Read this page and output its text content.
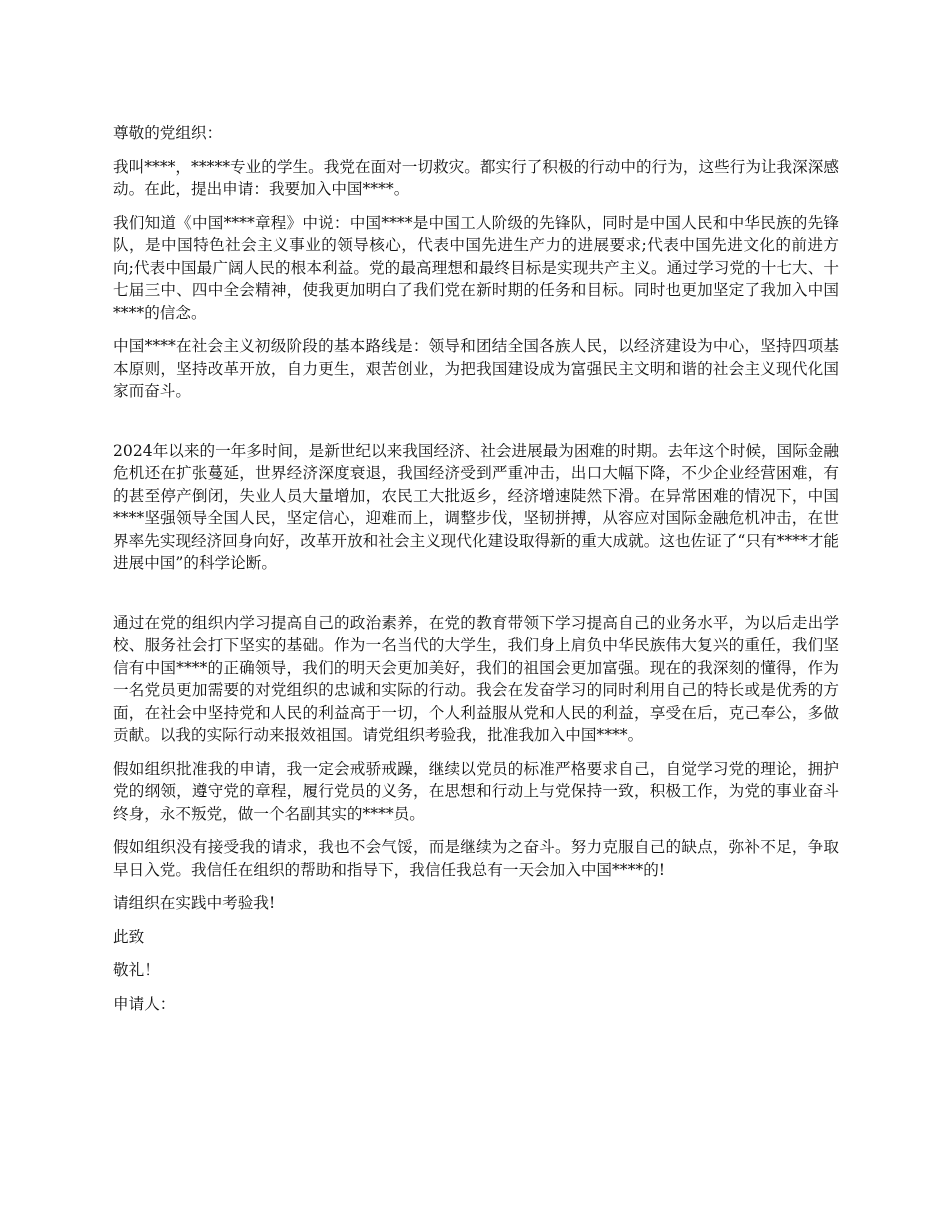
尊敬的党组织：

我叫****，*****专业的学生。我党在面对一切救灾。都实行了积极的行动中的行为，这些行为让我深深感动。在此，提出申请：我要加入中国****。

我们知道《中国****章程》中说：中国****是中国工人阶级的先锋队，同时是中国人民和中华民族的先锋队，是中国特色社会主义事业的领导核心，代表中国先进生产力的进展要求;代表中国先进文化的前进方向;代表中国最广阔人民的根本利益。党的最高理想和最终目标是实现共产主义。通过学习党的十七大、十七届三中、四中全会精神，使我更加明白了我们党在新时期的任务和目标。同时也更加坚定了我加入中国****的信念。

中国****在社会主义初级阶段的基本路线是：领导和团结全国各族人民，以经济建设为中心，坚持四项基本原则，坚持改革开放，自力更生，艰苦创业，为把我国建设成为富强民主文明和谐的社会主义现代化国家而奋斗。

2024年以来的一年多时间，是新世纪以来我国经济、社会进展最为困难的时期。去年这个时候，国际金融危机还在扩张蔓延，世界经济深度衰退，我国经济受到严重冲击，出口大幅下降，不少企业经营困难，有的甚至停产倒闭，失业人员大量增加，农民工大批返乡，经济增速陡然下滑。在异常困难的情况下，中国****坚强领导全国人民，坚定信心，迎难而上，调整步伐，坚韧拼搏，从容应对国际金融危机冲击，在世界率先实现经济回身向好，改革开放和社会主义现代化建设取得新的重大成就。这也佐证了“只有****才能进展中国”的科学论断。

通过在党的组织内学习提高自己的政治素养，在党的教育带领下学习提高自己的业务水平，为以后走出学校、服务社会打下坚实的基础。作为一名当代的大学生，我们身上肩负中华民族伟大复兴的重任，我们坚信有中国****的正确领导，我们的明天会更加美好，我们的祖国会更加富强。现在的我深刻的懂得，作为一名党员更加需要的对党组织的忠诚和实际的行动。我会在发奋学习的同时利用自己的特长或是优秀的方面，在社会中坚持党和人民的利益高于一切，个人利益服从党和人民的利益，享受在后，克己奉公，多做贡献。以我的实际行动来报效祖国。请党组织考验我，批准我加入中国****。

假如组织批准我的申请，我一定会戒骄戒躁，继续以党员的标准严格要求自己，自觉学习党的理论，拥护党的纲领，遵守党的章程，履行党员的义务，在思想和行动上与党保持一致，积极工作，为党的事业奋斗终身，永不叛党，做一个名副其实的****员。

假如组织没有接受我的请求，我也不会气馁，而是继续为之奋斗。努力克服自己的缺点，弥补不足，争取早日入党。我信任在组织的帮助和指导下，我信任我总有一天会加入中国****的!

请组织在实践中考验我!

此致

敬礼！

申请人：
